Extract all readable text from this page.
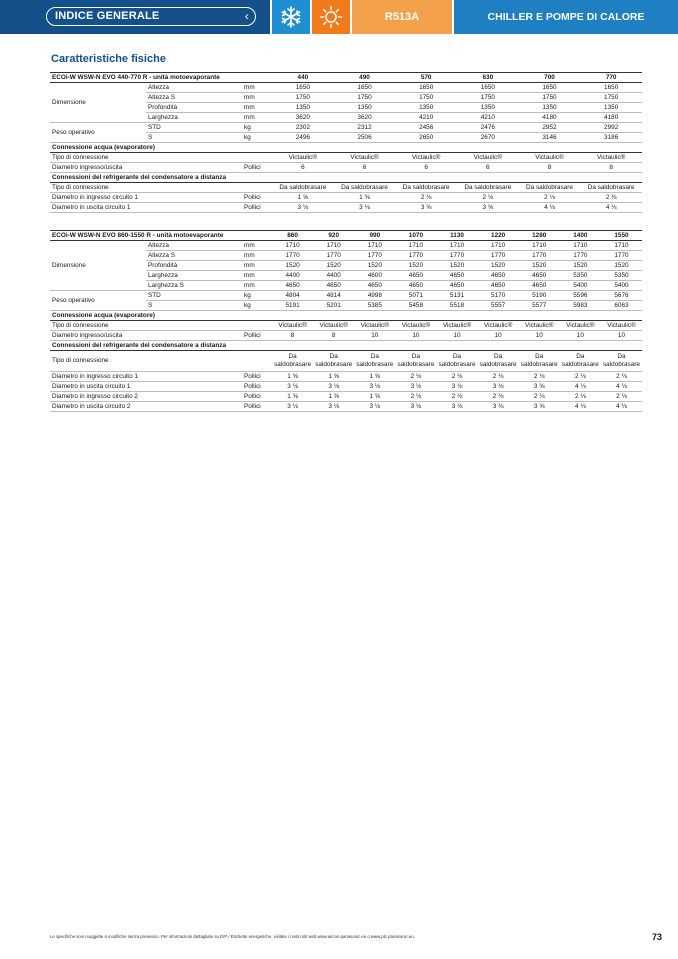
INDICE GENERALE	‹	R513A	CHILLER E POMPE DI CALORE
Caratteristiche fisiche
ECOi-W WSW-N EVO 440-770 R - unità motoevaporante			440	490	570	630	700	770
Dimensione	Altezza	mm	1650	1650	1650	1650	1650	1650
	Altezza S	mm	1750	1750	1750	1750	1750	1750
	Profondità	mm	1350	1350	1350	1350	1350	1350
	Larghezza	mm	3620	3620	4210	4210	4180	4180
Peso operativo	STD	kg	2302	2312	2456	2476	2952	2992
	S	kg	2496	2506	2650	2670	3146	3186
Connessione acqua (evaporatore)								
Tipo di connessione			Victaulic®	Victaulic®	Victaulic®	Victaulic®	Victaulic®	Victaulic®
Diametro ingresso/uscita		Pollici	6	6	6	6	8	8
Connessioni del refrigerante del condensatore a distanza								
Tipo di connessione			Da saldobrasare	Da saldobrasare	Da saldobrasare	Da saldobrasare	Da saldobrasare	Da saldobrasare
Diametro in ingresso circuito 1		Pollici	1 ⅝	1 ⅝	2 ⅛	2 ⅛	2 ⅛	2 ⅛
Diametro in uscita circuito 1		Pollici	3 ⅛	3 ⅛	3 ⅝	3 ⅝	4 ⅛	4 ⅛
ECOi-W WSW-N EVO 860-1550 R - unità motoevaporante			860	920	990	1070	1130	1220	1280	1400	1550
Dimensione	Altezza	mm	1710	1710	1710	1710	1710	1710	1710	1710	1710
	Altezza S	mm	1770	1770	1770	1770	1770	1770	1770	1770	1770
	Profondità	mm	1520	1520	1520	1520	1520	1520	1520	1520	1520
	Larghezza	mm	4400	4400	4600	4650	4650	4650	4650	5350	5350
	Larghezza S	mm	4650	4650	4650	4650	4650	4650	4650	5400	5400
Peso operativo	STD	kg	4804	4814	4998	5071	5131	5170	5190	5596	5676
	S	kg	5191	5201	5385	5458	5518	5557	5577	5983	6063
Connessione acqua (evaporatore)											
Tipo di connessione			Victaulic®	Victaulic®	Victaulic®	Victaulic®	Victaulic®	Victaulic®	Victaulic®	Victaulic®	Victaulic®
Diametro ingresso/uscita		Pollici	8	8	10	10	10	10	10	10	10
Connessioni del refrigerante del condensatore a distanza											
Tipo di connessione			Da saldobrasare	Da saldobrasare	Da saldobrasare	Da saldobrasare	Da saldobrasare	Da saldobrasare	Da saldobrasare	Da saldobrasare	Da saldobrasare
Diametro in ingresso circuito 1		Pollici	1 ⅝	1 ⅝	1 ⅝	2 ⅛	2 ⅛	2 ⅛	2 ⅛	2 ⅛	2 ⅛
Diametro in uscita circuito 1		Pollici	3 ⅛	3 ⅛	3 ⅛	3 ⅛	3 ⅛	3 ⅛	3 ⅝	4 ⅛	4 ⅛
Diametro in ingresso circuito 2		Pollici	1 ⅝	1 ⅝	1 ⅝	2 ⅛	2 ⅛	2 ⅛	2 ⅛	2 ⅛	2 ⅛
Diametro in uscita circuito 2		Pollici	3 ⅛	3 ⅛	3 ⅛	3 ⅛	3 ⅛	3 ⅛	3 ⅝	4 ⅛	4 ⅛
Le specifiche sono soggette a modifiche senza preavviso. Per informazioni dettagliate su ErP / Etichette energetiche, visitate i nostri siti web www.aircon.panasonic.eu o www.ptc.panasonic.eu.	73
